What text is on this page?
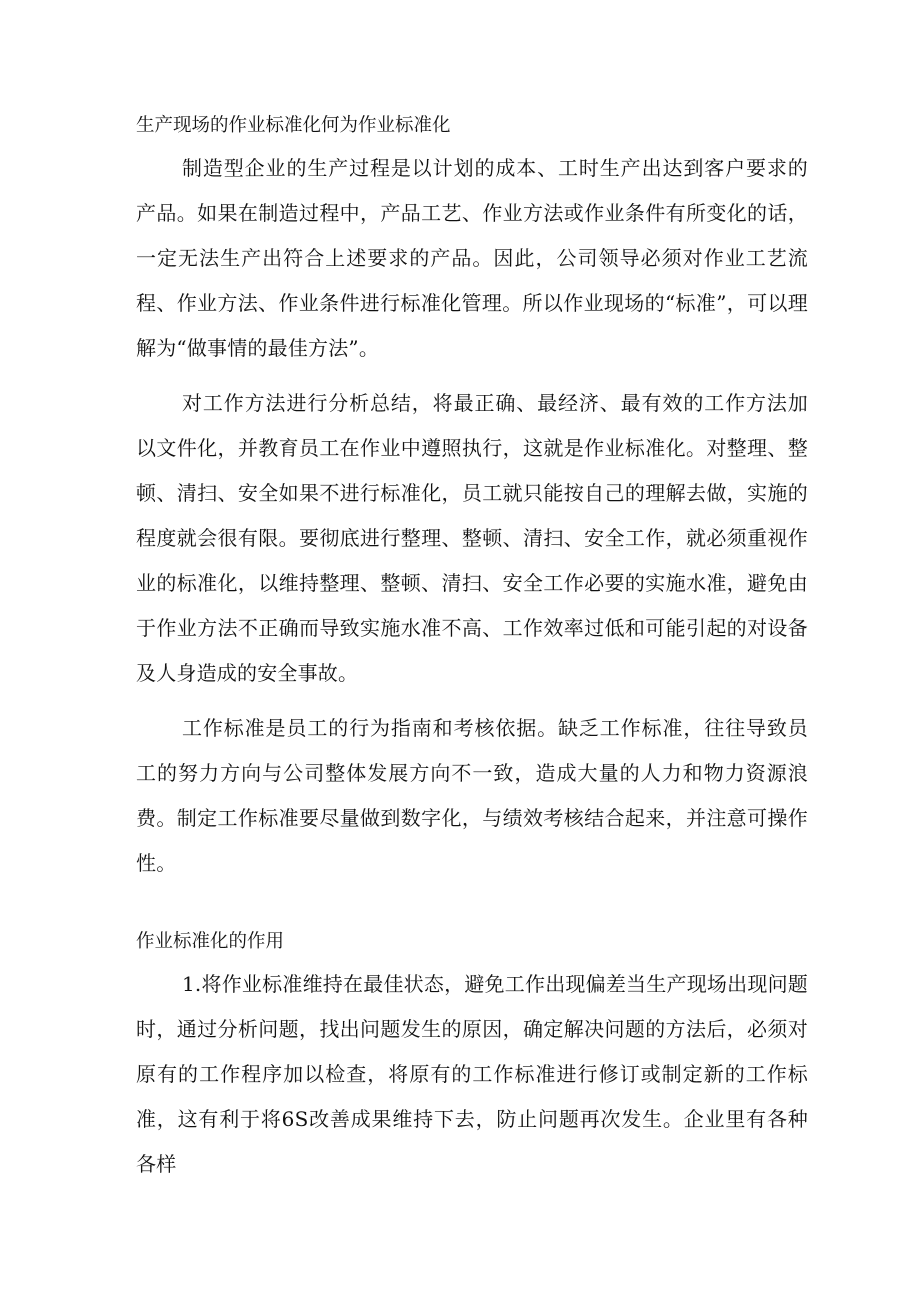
生产现场的作业标准化何为作业标准化

制造型企业的生产过程是以计划的成本、工时生产出达到客户要求的产品。如果在制造过程中，产品工艺、作业方法或作业条件有所变化的话，一定无法生产出符合上述要求的产品。因此，公司领导必须对作业工艺流程、作业方法、作业条件进行标准化管理。所以作业现场的“标准”，可以理解为“做事情的最佳方法”。

对工作方法进行分析总结，将最正确、最经济、最有效的工作方法加以文件化，并教育员工在作业中遵照执行，这就是作业标准化。对整理、整顿、清扫、安全如果不进行标准化，员工就只能按自己的理解去做，实施的程度就会很有限。要彻底进行整理、整顿、清扫、安全工作，就必须重视作业的标准化，以维持整理、整顿、清扫、安全工作必要的实施水准，避免由于作业方法不正确而导致实施水准不高、工作效率过低和可能引起的对设备及人身造成的安全事故。

工作标准是员工的行为指南和考核依据。缺乏工作标准，往往导致员工的努力方向与公司整体发展方向不一致，造成大量的人力和物力资源浪费。制定工作标准要尽量做到数字化，与绩效考核结合起来，并注意可操作性。

作业标准化的作用

1.将作业标准维持在最佳状态，避免工作出现偏差当生产现场出现问题时，通过分析问题，找出问题发生的原因，确定解决问题的方法后，必须对原有的工作程序加以检查，将原有的工作标准进行修订或制定新的工作标准，这有利于将6S改善成果维持下去，防止问题再次发生。企业里有各种各样
